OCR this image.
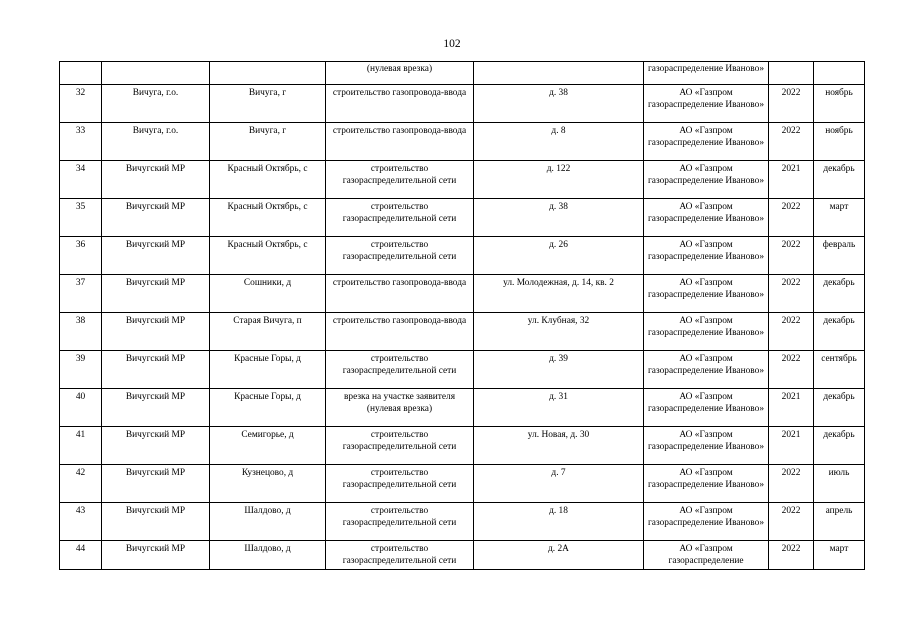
102
			(нулевая врезка)		газораспределение Иваново»		
32	Вичуга, г.о.	Вичуга, г	строительство газопровода-ввода	д. 38	АО «Газпром газораспределение Иваново»	2022	ноябрь
33	Вичуга, г.о.	Вичуга, г	строительство газопровода-ввода	д. 8	АО «Газпром газораспределение Иваново»	2022	ноябрь
34	Вичугский МР	Красный Октябрь, с	строительство газораспределительной сети	д. 122	АО «Газпром газораспределение Иваново»	2021	декабрь
35	Вичугский МР	Красный Октябрь, с	строительство газораспределительной сети	д. 38	АО «Газпром газораспределение Иваново»	2022	март
36	Вичугский МР	Красный Октябрь, с	строительство газораспределительной сети	д. 26	АО «Газпром газораспределение Иваново»	2022	февраль
37	Вичугский МР	Сошники, д	строительство газопровода-ввода	ул. Молодежная, д. 14, кв. 2	АО «Газпром газораспределение Иваново»	2022	декабрь
38	Вичугский МР	Старая Вичуга, п	строительство газопровода-ввода	ул. Клубная, 32	АО «Газпром газораспределение Иваново»	2022	декабрь
39	Вичугский МР	Красные Горы, д	строительство газораспределительной сети	д. 39	АО «Газпром газораспределение Иваново»	2022	сентябрь
40	Вичугский МР	Красные Горы, д	врезка на участке заявителя (нулевая врезка)	д. 31	АО «Газпром газораспределение Иваново»	2021	декабрь
41	Вичугский МР	Семигорье, д	строительство газораспределительной сети	ул. Новая, д. 30	АО «Газпром газораспределение Иваново»	2021	декабрь
42	Вичугский МР	Кузнецово, д	строительство газораспределительной сети	д. 7	АО «Газпром газораспределение Иваново»	2022	июль
43	Вичугский МР	Шалдово, д	строительство газораспределительной сети	д. 18	АО «Газпром газораспределение Иваново»	2022	апрель
44	Вичугский МР	Шалдово, д	строительство газораспределительной сети	д. 2А	АО «Газпром газораспределение	2022	март
